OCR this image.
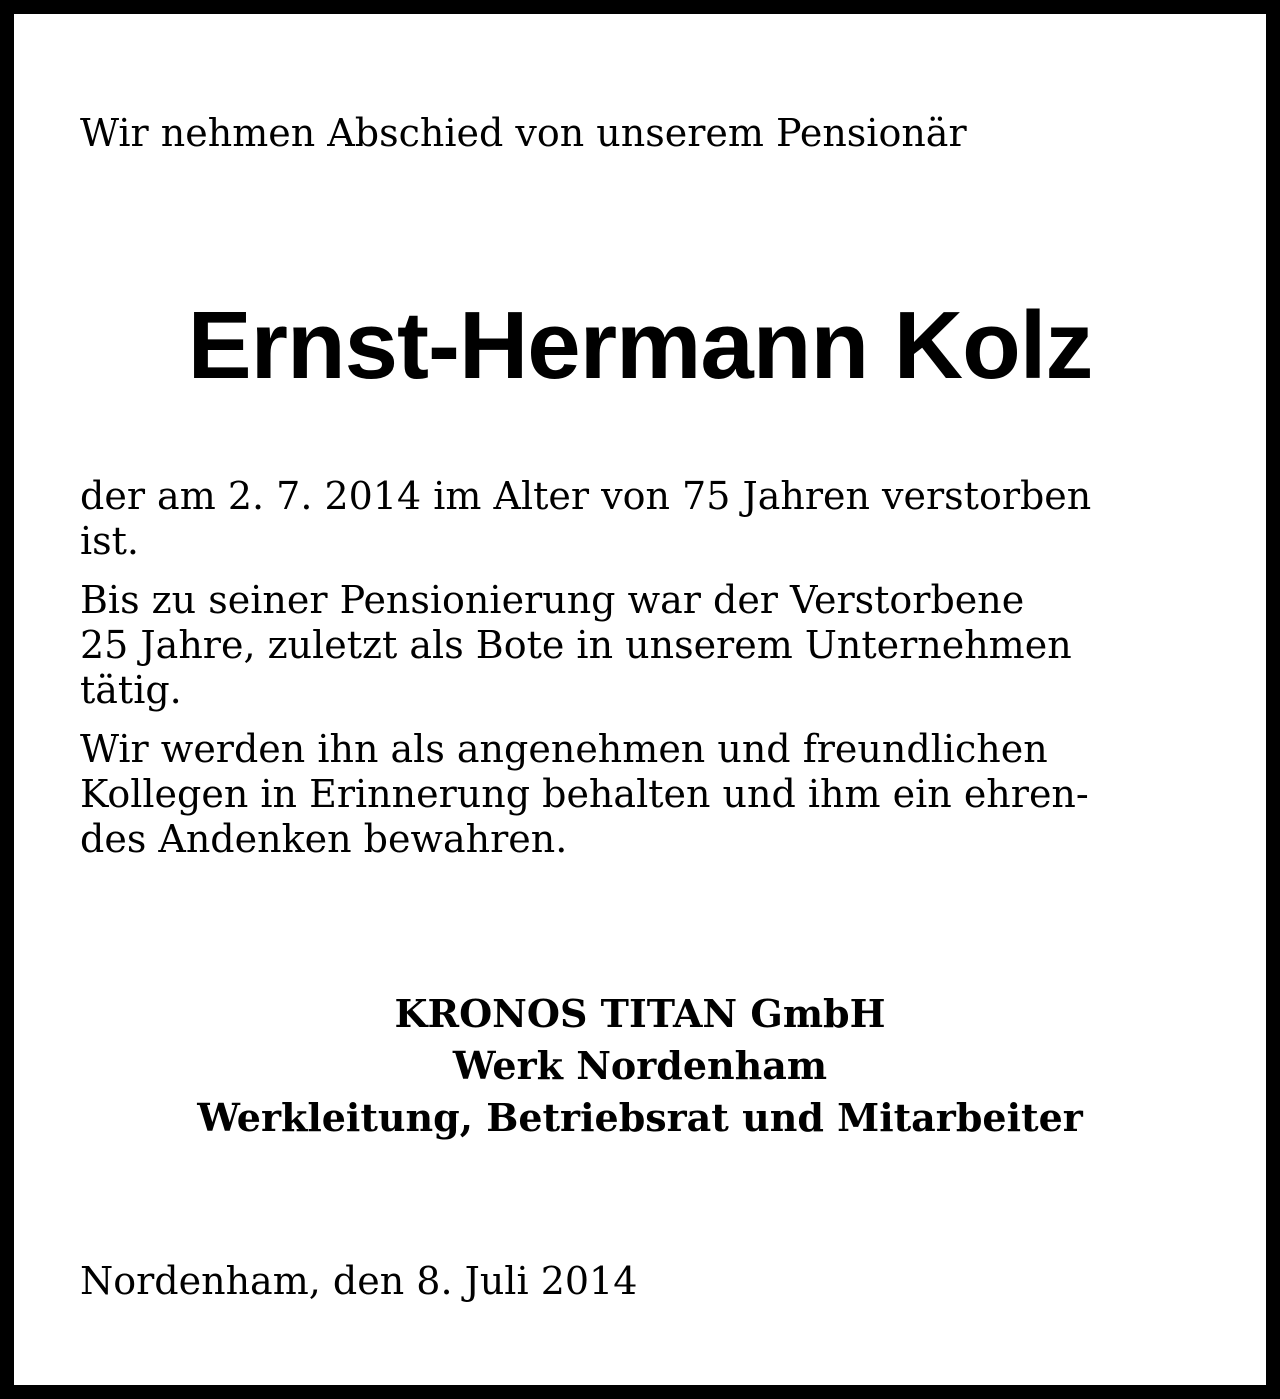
Wir nehmen Abschied von unserem Pensionär
Ernst-Hermann Kolz

der am 2. 7. 2014 im Alter von 75 Jahren verstorben
ist.

Bis zu seiner Pensionierung war der Verstorbene
25 Jahre, zuletzt als Bote in unserem Unternehmen
tätig.

Wir werden ihn als angenehmen und freundlichen
Kollegen in Erinnerung behalten und ihm ein ehren-
des Andenken bewahren.

KRONOS TITAN GmbH
Werk Nordenham
Werkleitung, Betriebsrat und Mitarbeiter
Nordenham, den 8. Juli 2014
